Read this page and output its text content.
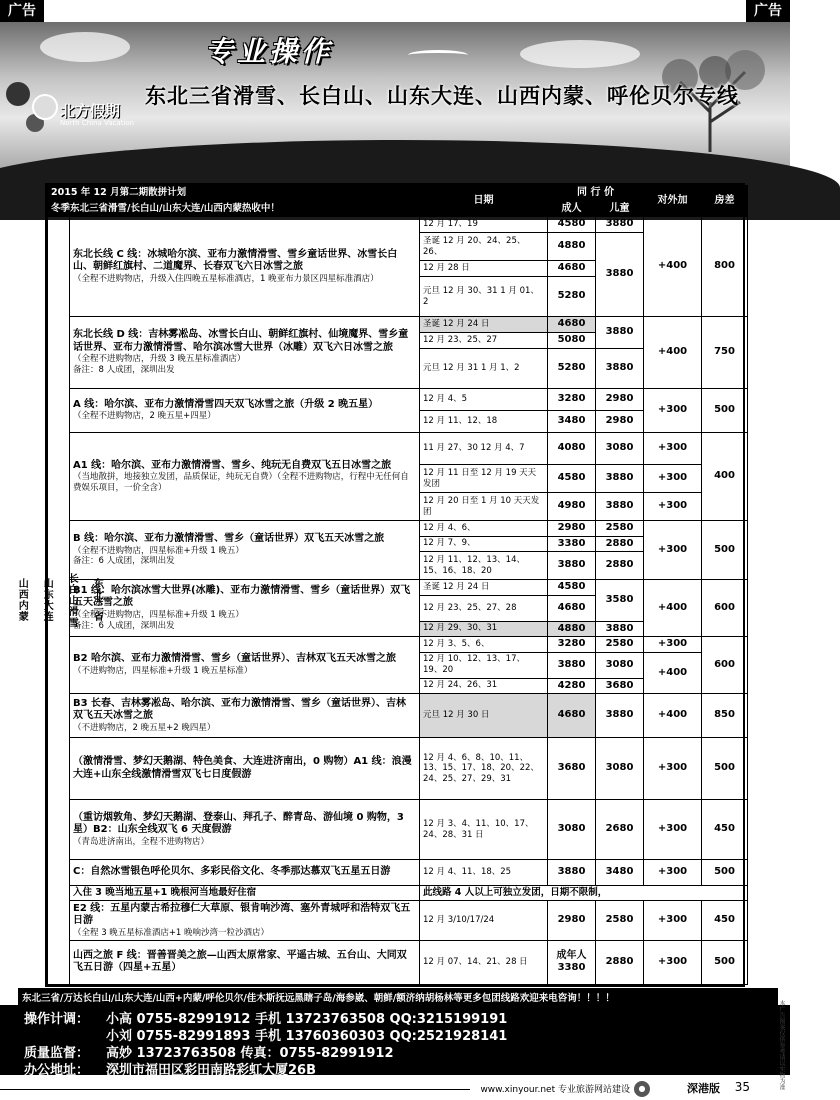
广告	广告
专业操作
北方假期
North China Vacation
东北三省滑雪、长白山、山东大连、山西内蒙、呼伦贝尔专线
2015 年 12 月第二期散拼计划		日期	同 行 价		对外加	房差
冬季东北三省滑雪/长白山/山东大连/山西内蒙热收中！			成人	儿童		
东北三省

长白山滑雪

山东大连

山西内蒙	东北长线 C 线：冰城哈尔滨、亚布力激情滑雪、雪乡童话世界、冰雪长白山、朝鲜红旗村、二道魔界、长春双飞六日冰雪之旅
（全程不进购物店，升级入住四晚五星标准酒店，1 晚亚布力景区四星标准酒店）	12 月 17、19	4580	3880	+400	800
		圣诞 12 月 20、24、25、26、	4880	3880		
		12 月 28 日	4680			
		元旦 12 月 30、31 1 月 01、2	5280			

	东北长线 D 线：吉林雾凇岛、冰雪长白山、朝鲜红旗村、仙境魔界、雪乡童话世界、亚布力激情滑雪、哈尔滨冰雪大世界（冰雕）双飞六日冰雪之旅
（全程不进购物店，升级 3 晚五星标准酒店）
备注：8 人成团，深圳出发	圣诞 12 月 24 日	4680	3880	+400	750
		12 月 23、25、27	5080			
		元旦 12 月 31 1 月 1、2	5280	3880		

	A 线：哈尔滨、亚布力激情滑雪四天双飞冰雪之旅（升级 2 晚五星）
（全程不进购物店，2 晚五星+四星）	12 月 4、5	3280	2980	+300	500
		12 月 11、12、18	3480	2980		

	A1 线：哈尔滨、亚布力激情滑雪、雪乡、纯玩无自费双飞五日冰雪之旅
（当地散拼，地接独立发团，品质保证，纯玩无自费）（全程不进购物店，行程中无任何自费娱乐项目，一价全含）	11 月 27、30 12 月 4、7	4080	3080	+300	400
		12 月 11 日至 12 月 19 天天发团	4580	3880	+300	
		12 月 20 日至 1 月 10 天天发团	4980	3880	+300	

	B 线：哈尔滨、亚布力激情滑雪、雪乡（童话世界）双飞五天冰雪之旅
（全程不进购物店，四星标准+升级 1 晚五）
备注：6 人成团，深圳出发	12 月 4、6、	2980	2580	+300	500
		12 月 7、9、	3380	2880		
		12 月 11、12、13、14、15、16、18、20	3880	2880		

	B1 线：哈尔滨冰雪大世界(冰雕)、亚布力激情滑雪、雪乡（童话世界）双飞五天冰雪之旅
（全程不进购物店，四星标准+升级 1 晚五）
备注：6 人成团，深圳出发	圣诞 12 月 24 日	4580	3580	+400	600
		12 月 23、25、27、28	4680			
		12 月 29、30、31	4880	3880		

	B2 哈尔滨、亚布力激情滑雪、雪乡（童话世界）、吉林双飞五天冰雪之旅
（不进购物店，四星标准+升级 1 晚五星标准）	12 月 3、5、6、	3280	2580	+300	600
		12 月 10、12、13、17、19、20	3880	3080	+400	
		12 月 24、26、31	4280	3680		

	B3 长春、吉林雾凇岛、哈尔滨、亚布力激情滑雪、雪乡（童话世界）、吉林双飞五天冰雪之旅
（不进购物店，2 晚五星+2 晚四星）	元旦 12 月 30 日	4680	3880	+400	850

	（激情滑雪、梦幻天鹅湖、特色美食、大连进济南出，0 购物）A1 线：浪漫大连+山东全线激情滑雪双飞七日度假游	12 月 4、6、8、10、11、13、15、17、18、20、22、24、25、27、29、31	3680	3080	+300	500

	（重访烟敦角、梦幻天鹅湖、登泰山、拜孔子、醉青岛、游仙境 0 购物，3 星）B2：山东全线双飞 6 天度假游
（青岛进济南出，全程不进购物店）	12 月 3、4、11、10、17、24、28、31 日	3080	2680	+300	450

	C：自然冰雪银色呼伦贝尔、多彩民俗文化、冬季那达慕双飞五星五日游	12 月 4、11、18、25	3880	3480	+300	500
	入住 3 晚当地五星+1 晚根河当地最好住宿	此线路 4 人以上可独立发团，日期不限制，				

	E2 线：五星内蒙古希拉穆仁大草原、银肯响沙湾、塞外青城呼和浩特双飞五日游
（全程 3 晚五星标准酒店+1 晚响沙湾一粒沙酒店）	12 月 3/10/17/24	2980	2580	+300	450

	山西之旅 F 线：晋善晋美之旅—山西太原常家、平遥古城、五台山、大同双飞五日游（四星+五星）	12 月 07、14、21、28 日	成年人 3380	2880	+300	500
东北三省/万达长白山/山东大连/山西+内蒙/呼伦贝尔/佳木斯抚远黑瞎子岛/海参崴、朝鲜/额济纳胡杨林等更多包团线路欢迎来电咨询！！！！
操作计调： 小高 0755-82991912 手机 13723763508 QQ:3215199191
小刘 0755-82991893 手机 13760360303 QQ:2521928141
质量监督： 高妙 13723763508 传真：0755-82991912
办公地址： 深圳市福田区彩田南路彩虹大厦26B
www.xinyour.net 专业旅游网站建设	●	深港版 35	本广告图案仅供参考请以实物为准
